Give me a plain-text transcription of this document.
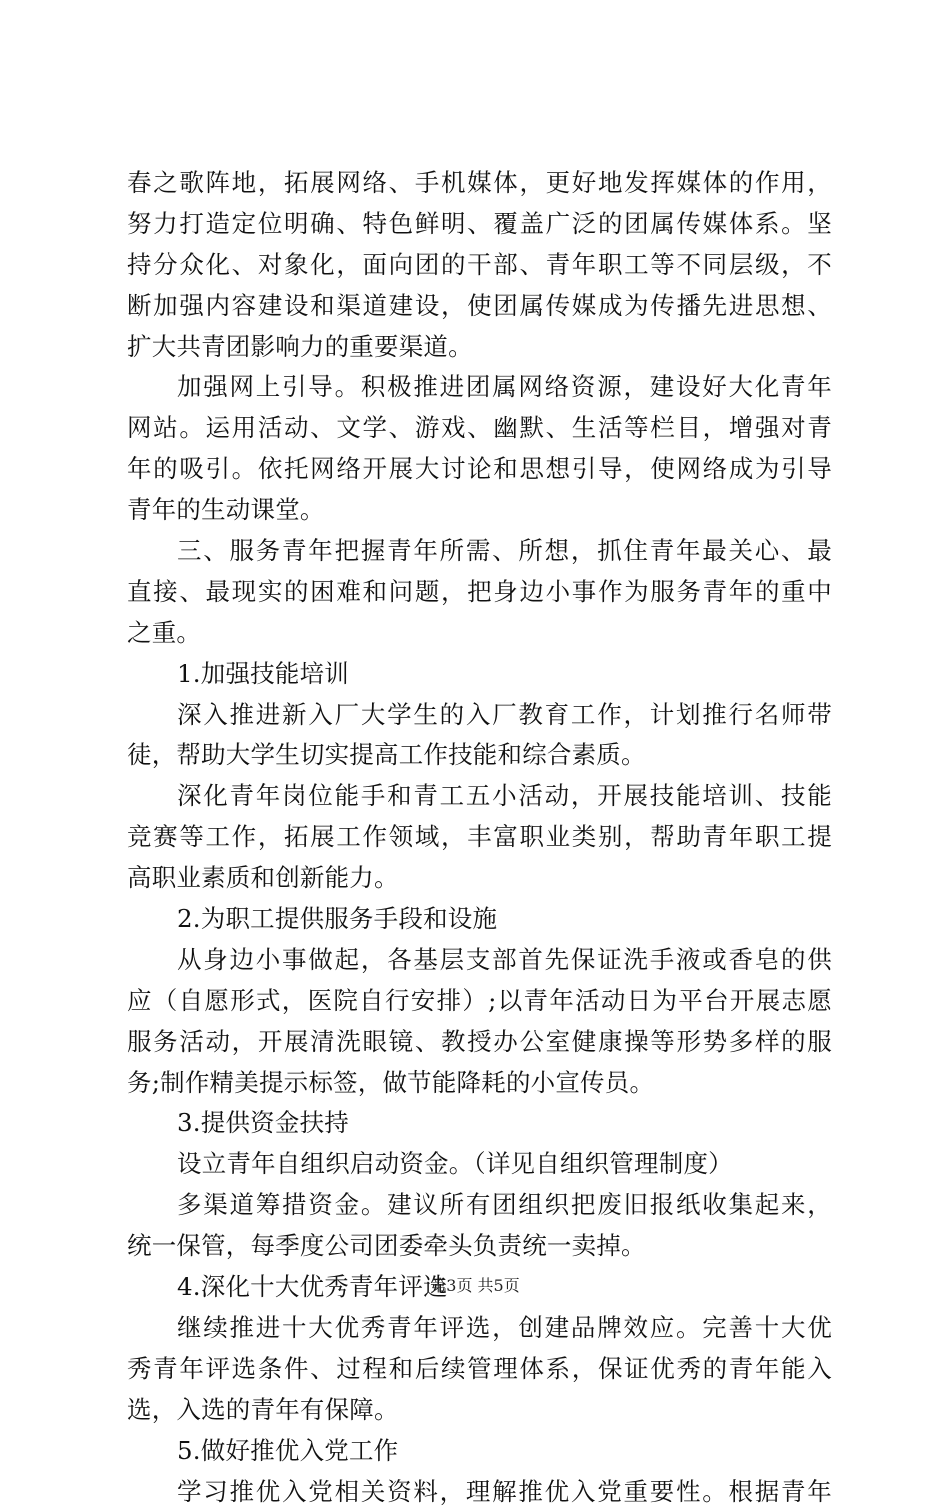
春之歌阵地，拓展网络、手机媒体，更好地发挥媒体的作用，
努力打造定位明确、特色鲜明、覆盖广泛的团属传媒体系。坚
持分众化、对象化，面向团的干部、青年职工等不同层级，不
断加强内容建设和渠道建设，使团属传媒成为传播先进思想、
扩大共青团影响力的重要渠道。
加强网上引导。积极推进团属网络资源，建设好大化青年
网站。运用活动、文学、游戏、幽默、生活等栏目，增强对青
年的吸引。依托网络开展大讨论和思想引导，使网络成为引导
青年的生动课堂。
三、服务青年把握青年所需、所想，抓住青年最关心、最
直接、最现实的困难和问题，把身边小事作为服务青年的重中
之重。
1.加强技能培训
深入推进新入厂大学生的入厂教育工作，计划推行名师带
徒，帮助大学生切实提高工作技能和综合素质。
深化青年岗位能手和青工五小活动，开展技能培训、技能
竞赛等工作，拓展工作领域，丰富职业类别，帮助青年职工提
高职业素质和创新能力。
2.为职工提供服务手段和设施
从身边小事做起，各基层支部首先保证洗手液或香皂的供
应（自愿形式，医院自行安排）;以青年活动日为平台开展志愿
服务活动，开展清洗眼镜、教授办公室健康操等形势多样的服
务;制作精美提示标签，做节能降耗的小宣传员。
3.提供资金扶持
设立青年自组织启动资金。（详见自组织管理制度）
多渠道筹措资金。建议所有团组织把废旧报纸收集起来，
统一保管，每季度公司团委牵头负责统一卖掉。
4.深化十大优秀青年评选
继续推进十大优秀青年评选，创建品牌效应。完善十大优
秀青年评选条件、过程和后续管理体系，保证优秀的青年能入
选，入选的青年有保障。
5.做好推优入党工作
学习推优入党相关资料，理解推优入党重要性。根据青年
第3页 共5页
